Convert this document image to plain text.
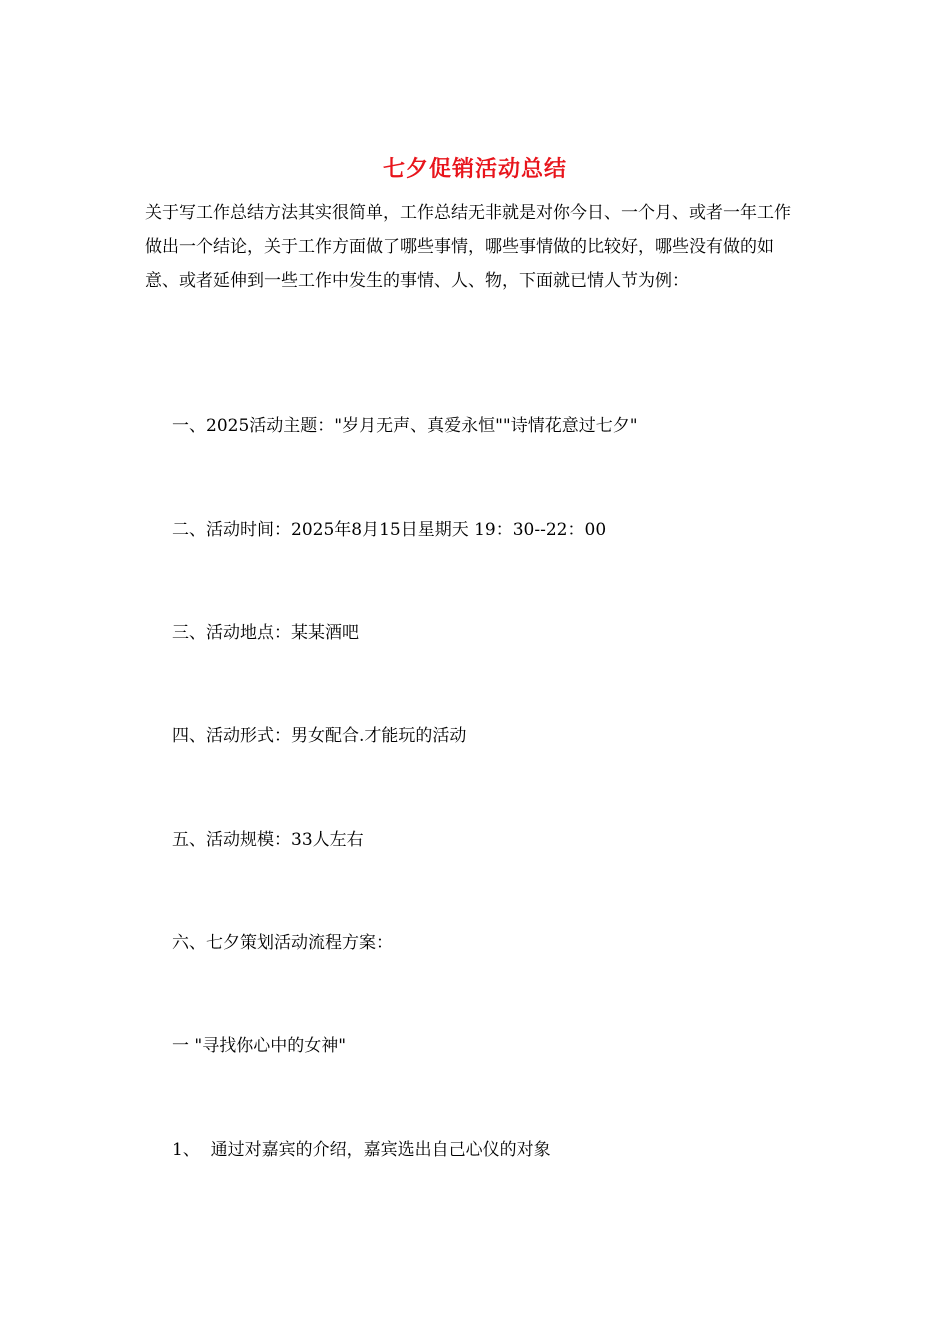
七夕促销活动总结
关于写工作总结方法其实很简单，工作总结无非就是对你今日、一个月、或者一年工作做出一个结论，关于工作方面做了哪些事情，哪些事情做的比较好，哪些没有做的如意、或者延伸到一些工作中发生的事情、人、物，下面就已情人节为例：
一、2025活动主题："岁月无声、真爱永恒""诗情花意过七夕"
二、活动时间：2025年8月15日星期天 19：30--22：00
三、活动地点：某某酒吧
四、活动形式：男女配合.才能玩的活动
五、活动规模：33人左右
六、七夕策划活动流程方案：
一 "寻找你心中的女神"
1、  通过对嘉宾的介绍，嘉宾选出自己心仪的对象
